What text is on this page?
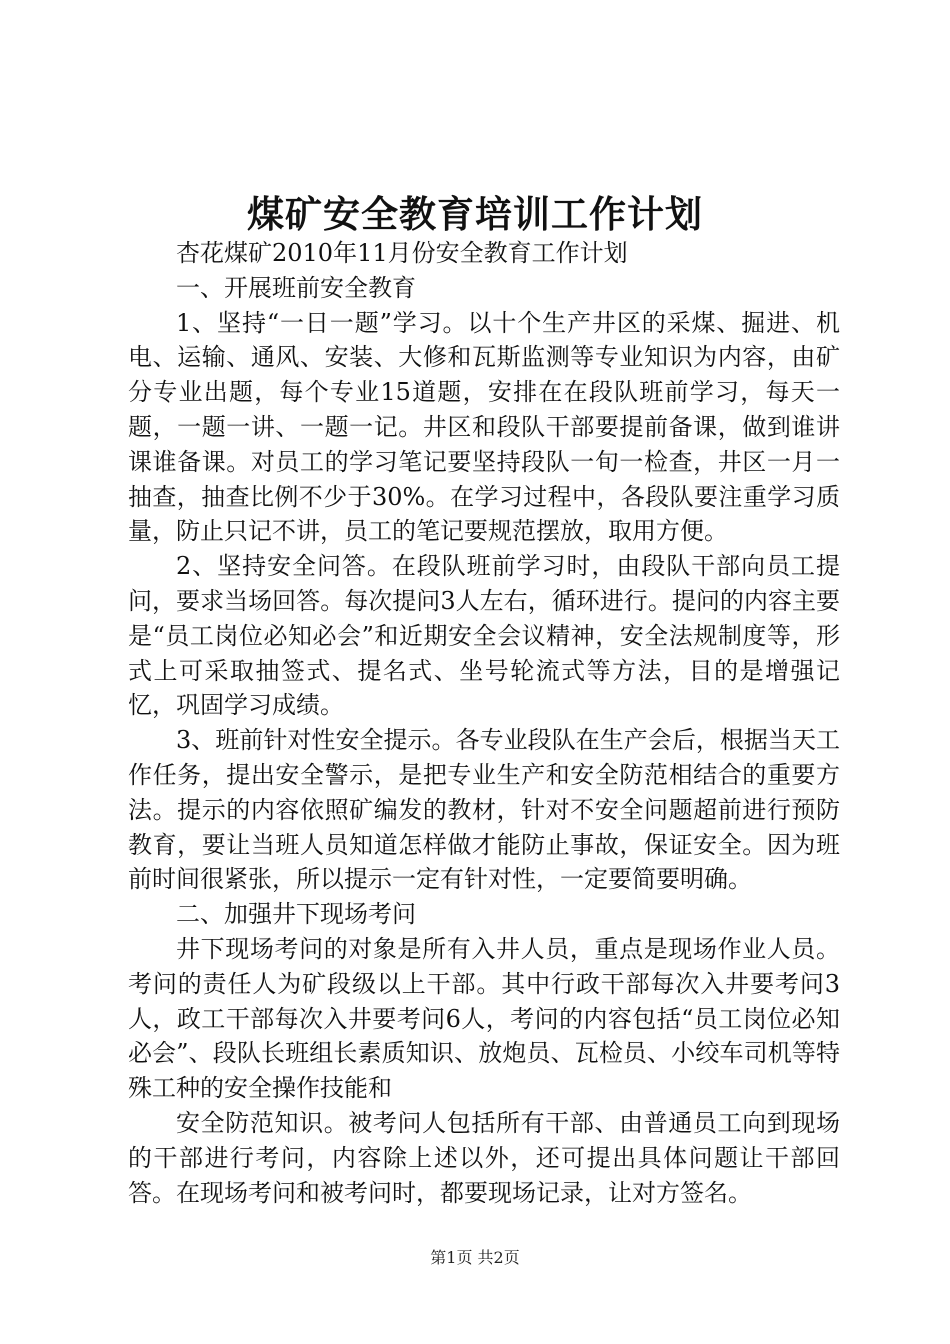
煤矿安全教育培训工作计划

杏花煤矿2010年11月份安全教育工作计划

一、开展班前安全教育

1、坚持“一日一题”学习。以十个生产井区的采煤、掘进、机电、运输、通风、安装、大修和瓦斯监测等专业知识为内容，由矿分专业出题，每个专业15道题，安排在在段队班前学习，每天一题，一题一讲、一题一记。井区和段队干部要提前备课，做到谁讲课谁备课。对员工的学习笔记要坚持段队一旬一检查，井区一月一抽查，抽查比例不少于30%。在学习过程中，各段队要注重学习质量，防止只记不讲，员工的笔记要规范摆放，取用方便。

2、坚持安全问答。在段队班前学习时，由段队干部向员工提问，要求当场回答。每次提问3人左右，循环进行。提问的内容主要是“员工岗位必知必会”和近期安全会议精神，安全法规制度等，形式上可采取抽签式、提名式、坐号轮流式等方法，目的是增强记忆，巩固学习成绩。

3、班前针对性安全提示。各专业段队在生产会后，根据当天工作任务，提出安全警示，是把专业生产和安全防范相结合的重要方法。提示的内容依照矿编发的教材，针对不安全问题超前进行预防教育，要让当班人员知道怎样做才能防止事故，保证安全。因为班前时间很紧张，所以提示一定有针对性，一定要简要明确。

二、加强井下现场考问

井下现场考问的对象是所有入井人员，重点是现场作业人员。考问的责任人为矿段级以上干部。其中行政干部每次入井要考问3人，政工干部每次入井要考问6人，考问的内容包括“员工岗位必知必会”、段队长班组长素质知识、放炮员、瓦检员、小绞车司机等特殊工种的安全操作技能和

安全防范知识。被考问人包括所有干部、由普通员工向到现场的干部进行考问，内容除上述以外，还可提出具体问题让干部回答。在现场考问和被考问时，都要现场记录，让对方签名。

第1页 共2页
